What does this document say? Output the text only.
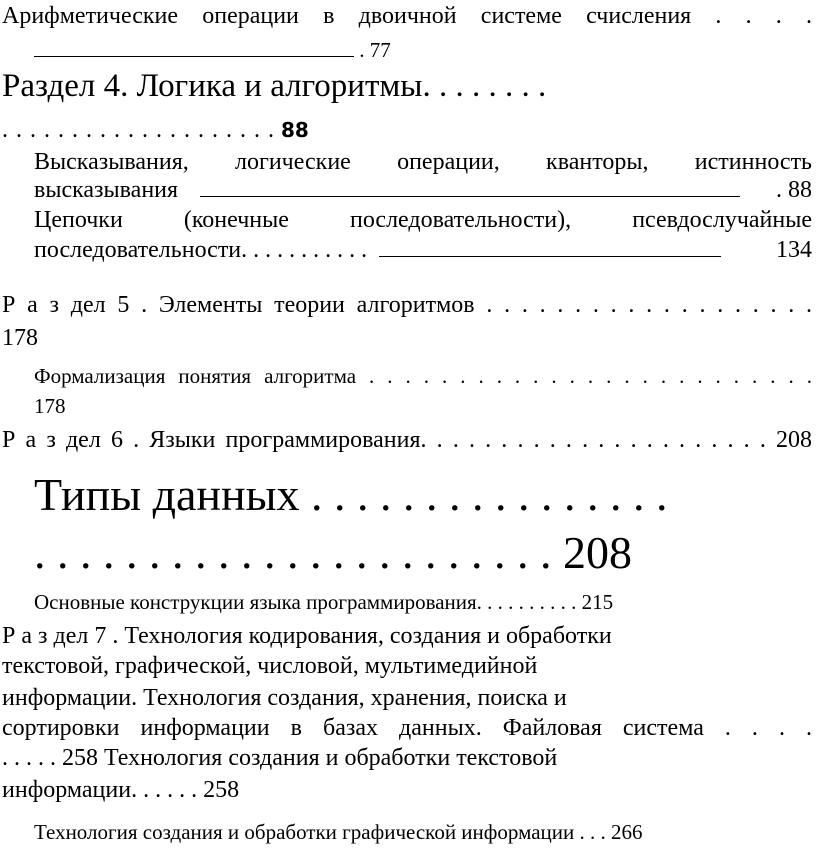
Арифметические операции в двоичной системе счисления . . . .
. 77
Раздел 4. Логика и алгоритмы. . . . . . . .
. . . . . . . . . . . . . . . . . . . . 88
Высказывания, логические операции, кванторы, истинность
высказывания	. 88
Цепочки (конечные последовательности), псевдослучайные
последовательности. . . . . . . . . . .	134
Р а з дел 5 . Элементы теории алгоритмов . . . . . . . . . . . . . . . . . . .
178
Формализация понятия алгоритма . . . . . . . . . . . . . . . . . . . . . . . . .
178
Р а з дел 6 . Языки программирования. . . . . . . . . . . . . . . . . . . . . . 208
Типы данных . . . . . . . . . . . . . . . .
. . . . . . . . . . . . . . . . . . . . . . . 208
Основные конструкции языка программирования. . . . . . . . . . 215
Р а з дел 7 . Технология кодирования, создания и обработки
текстовой, графической, числовой, мультимедийной
информации. Технология создания, хранения, поиска и
сортировки информации в базах данных. Файловая система . . . .
. . . . . 258 Технология создания и обработки текстовой
информации. . . . . . 258
Технология создания и обработки графической информации . . . 266
